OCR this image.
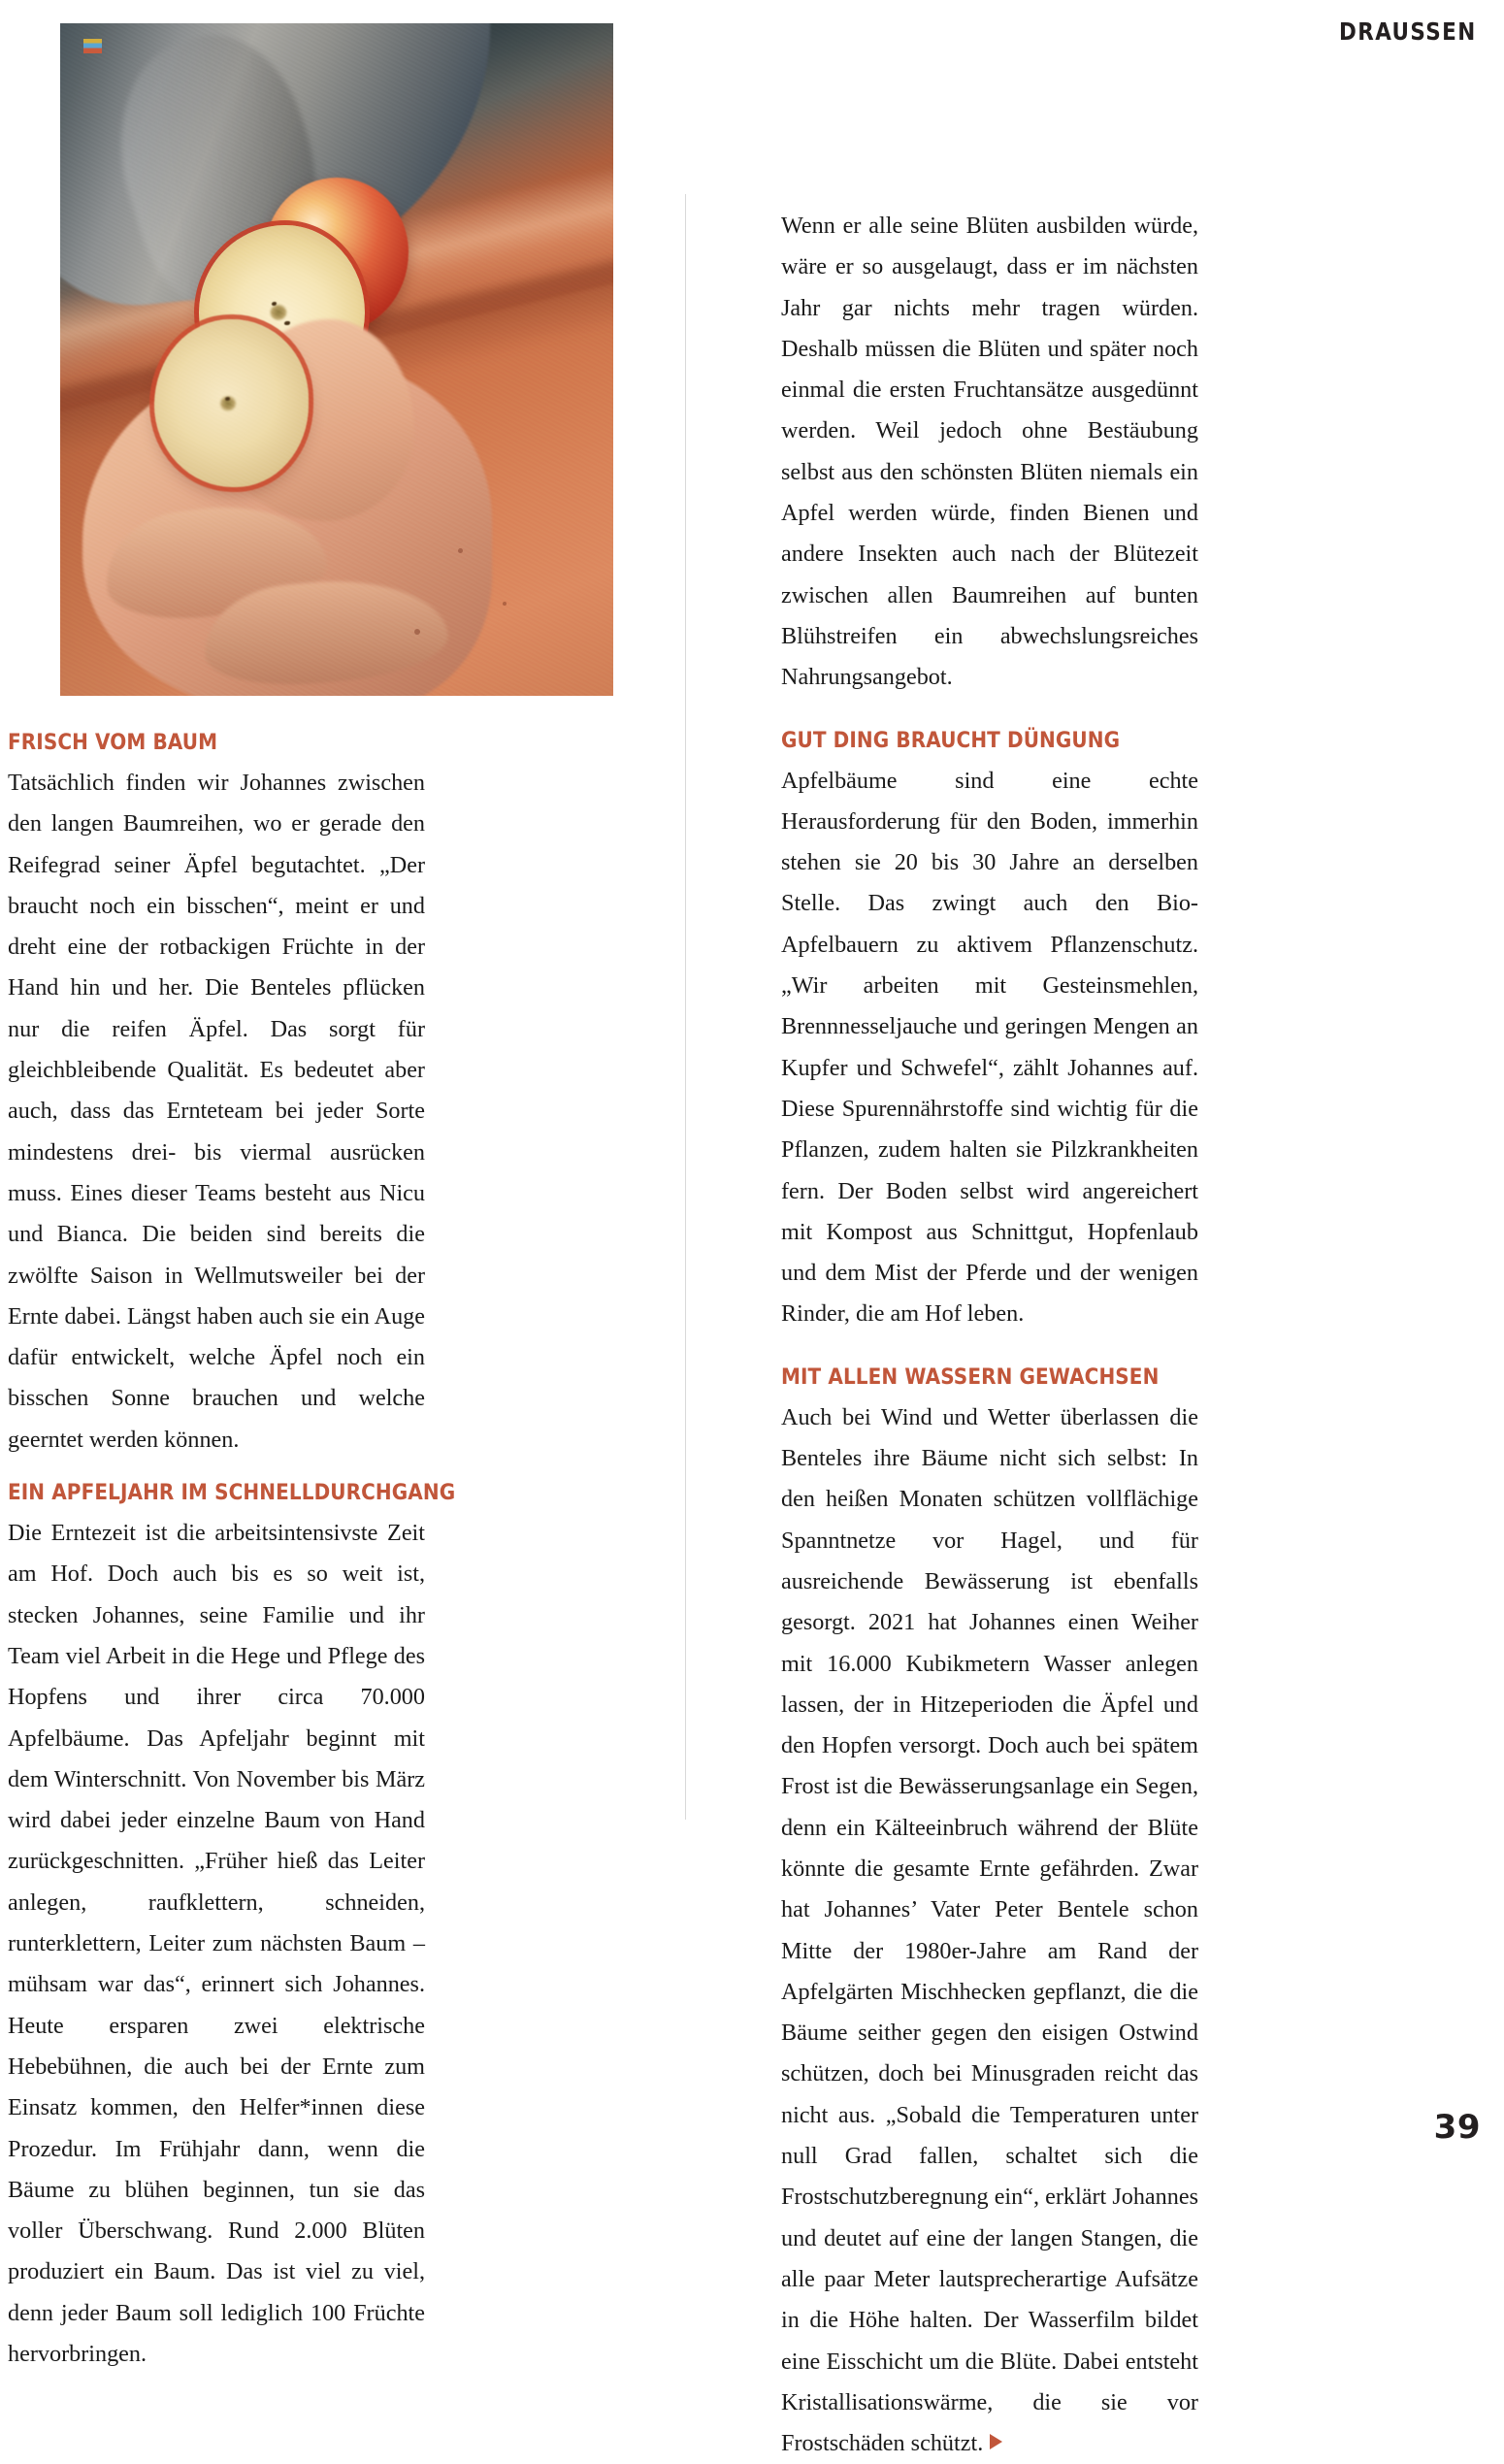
DRAUSSEN
FRISCH VOM BAUM

Tatsächlich finden wir Johannes zwischen den langen Baumreihen, wo er gerade den Reifegrad seiner Äpfel begutachtet. „Der braucht noch ein bisschen“, meint er und dreht eine der rotbackigen Früchte in der Hand hin und her. Die Benteles pflücken nur die reifen Äpfel. Das sorgt für gleichbleibende Qualität. Es bedeutet aber auch, dass das Ernteteam bei jeder Sorte mindestens drei- bis viermal ausrücken muss. Eines dieser Teams besteht aus Nicu und Bianca. Die beiden sind bereits die zwölfte Saison in Wellmutsweiler bei der Ernte dabei. Längst haben auch sie ein Auge dafür entwickelt, welche Äpfel noch ein bisschen Sonne brauchen und welche geerntet werden können.

EIN APFELJAHR IM SCHNELLDURCHGANG

Die Erntezeit ist die arbeitsintensivste Zeit am Hof. Doch auch bis es so weit ist, stecken Johannes, seine Familie und ihr Team viel Arbeit in die Hege und Pflege des Hopfens und ihrer circa 70.000 Apfelbäume. Das Apfeljahr beginnt mit dem Winterschnitt. Von November bis März wird dabei jeder einzelne Baum von Hand zurückgeschnitten. „Früher hieß das Leiter anlegen, raufklettern, schneiden, runterklettern, Leiter zum nächsten Baum – mühsam war das“, erinnert sich Johannes. Heute ersparen zwei elektrische Hebebühnen, die auch bei der Ernte zum Einsatz kommen, den Helfer*innen diese Prozedur. Im Frühjahr dann, wenn die Bäume zu blühen beginnen, tun sie das voller Überschwang. Rund 2.000 Blüten produziert ein Baum. Das ist viel zu viel, denn jeder Baum soll lediglich 100 Früchte hervorbringen.

Wenn er alle seine Blüten ausbilden würde, wäre er so ausgelaugt, dass er im nächsten Jahr gar nichts mehr tragen würden. Deshalb müssen die Blüten und später noch einmal die ersten Fruchtansätze ausgedünnt werden. Weil jedoch ohne Bestäubung selbst aus den schönsten Blüten niemals ein Apfel werden würde, finden Bienen und andere Insekten auch nach der Blütezeit zwischen allen Baumreihen auf bunten Blühstreifen ein abwechslungsreiches Nahrungsangebot.

GUT DING BRAUCHT DÜNGUNG

Apfelbäume sind eine echte Herausforderung für den Boden, immerhin stehen sie 20 bis 30 Jahre an derselben Stelle. Das zwingt auch den Bio-Apfelbauern zu aktivem Pflanzenschutz. „Wir arbeiten mit Gesteinsmehlen, Brennnesseljauche und geringen Mengen an Kupfer und Schwefel“, zählt Johannes auf. Diese Spurennährstoffe sind wichtig für die Pflanzen, zudem halten sie Pilzkrankheiten fern. Der Boden selbst wird angereichert mit Kompost aus Schnittgut, Hopfenlaub und dem Mist der Pferde und der wenigen Rinder, die am Hof leben.

MIT ALLEN WASSERN GEWACHSEN

Auch bei Wind und Wetter überlassen die Benteles ihre Bäume nicht sich selbst: In den heißen Monaten schützen vollflächige Spanntnetze vor Hagel, und für ausreichende Bewässerung ist ebenfalls gesorgt. 2021 hat Johannes einen Weiher mit 16.000 Kubikmetern Wasser anlegen lassen, der in Hitzeperioden die Äpfel und den Hopfen versorgt. Doch auch bei spätem Frost ist die Bewässerungsanlage ein Segen, denn ein Kälteeinbruch während der Blüte könnte die gesamte Ernte gefährden. Zwar hat Johannes’ Vater Peter Bentele schon Mitte der 1980er-Jahre am Rand der Apfelgärten Mischhecken gepflanzt, die die Bäume seither gegen den eisigen Ostwind schützen, doch bei Minusgraden reicht das nicht aus. „Sobald die Temperaturen unter null Grad fallen, schaltet sich die Frostschutzberegnung ein“, erklärt Johannes und deutet auf eine der langen Stangen, die alle paar Meter lautsprecherartige Aufsätze in die Höhe halten. Der Wasserfilm bildet eine Eisschicht um die Blüte. Dabei entsteht Kristallisationswärme, die sie vor Frostschäden schützt.

39
